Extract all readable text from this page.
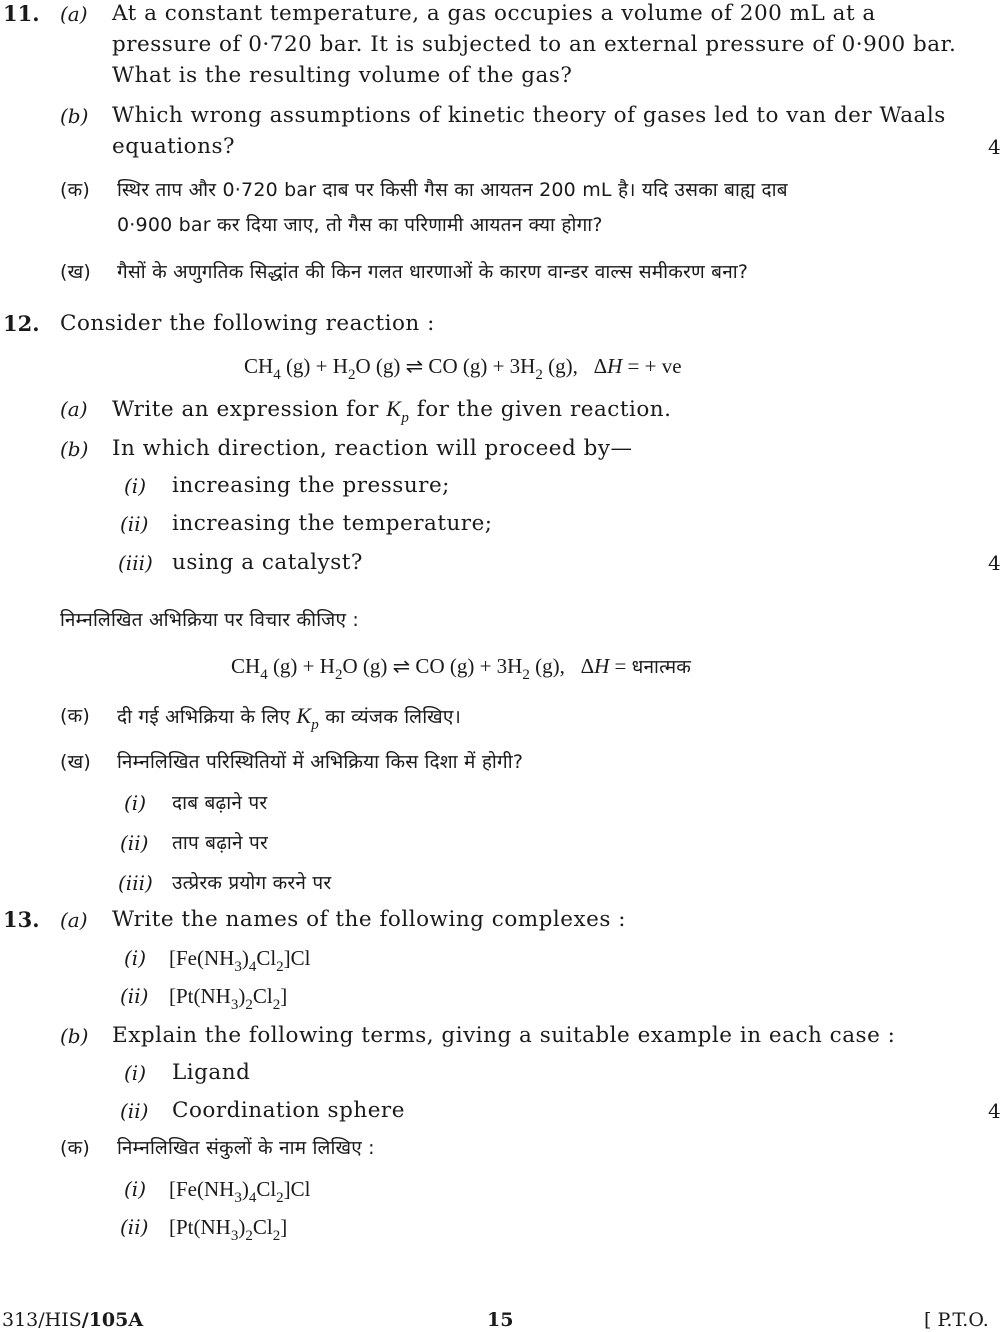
11. (a) At a constant temperature, a gas occupies a volume of 200 mL at a
pressure of 0·720 bar. It is subjected to an external pressure of 0·900 bar.
What is the resulting volume of the gas?
(b) Which wrong assumptions of kinetic theory of gases led to van der Waals
equations?	4
(क) स्थिर ताप और 0·720 bar दाब पर किसी गैस का आयतन 200 mL है। यदि उसका बाह्य दाब
0·900 bar कर दिया जाए, तो गैस का परिणामी आयतन क्या होगा?
(ख) गैसों के अणुगतिक सिद्धांत की किन गलत धारणाओं के कारण वान्डर वाल्स समीकरण बना?
12. Consider the following reaction :
$CH_4$ $(g) + H_2O$ (g) ⇌ CO $(g) + 3H_2$ (g),   ΔH = + ve
(a) Write an expression for $K_p$ for the given reaction.
(b) In which direction, reaction will proceed by—
(i) increasing the pressure;
(ii) increasing the temperature;
(iii) using a catalyst?	4
निम्नलिखित अभिक्रिया पर विचार कीजिए :
$CH_4$ $(g) + H_2O$ (g) ⇌ CO $(g) + 3H_2$ (g),   ΔH = धनात्मक
(क) दी गई अभिक्रिया के लिए $K_p$ का व्यंजक लिखिए।
(ख) निम्नलिखित परिस्थितियों में अभिक्रिया किस दिशा में होगी?
(i) दाब बढ़ाने पर
(ii) ताप बढ़ाने पर
(iii) उत्प्रेरक प्रयोग करने पर
13. (a) Write the names of the following complexes :
(i) $[Fe(NH_3)_4Cl_2]Cl$
(ii) $[Pt(NH_3)_2Cl_2]$
(b) Explain the following terms, giving a suitable example in each case :
(i) Ligand
(ii) Coordination sphere	4
(क) निम्नलिखित संकुलों के नाम लिखिए :
(i) $[Fe(NH_3)_4Cl_2]Cl$
(ii) $[Pt(NH_3)_2Cl_2]$
313/HIS/105A	15	[ P.T.O.
